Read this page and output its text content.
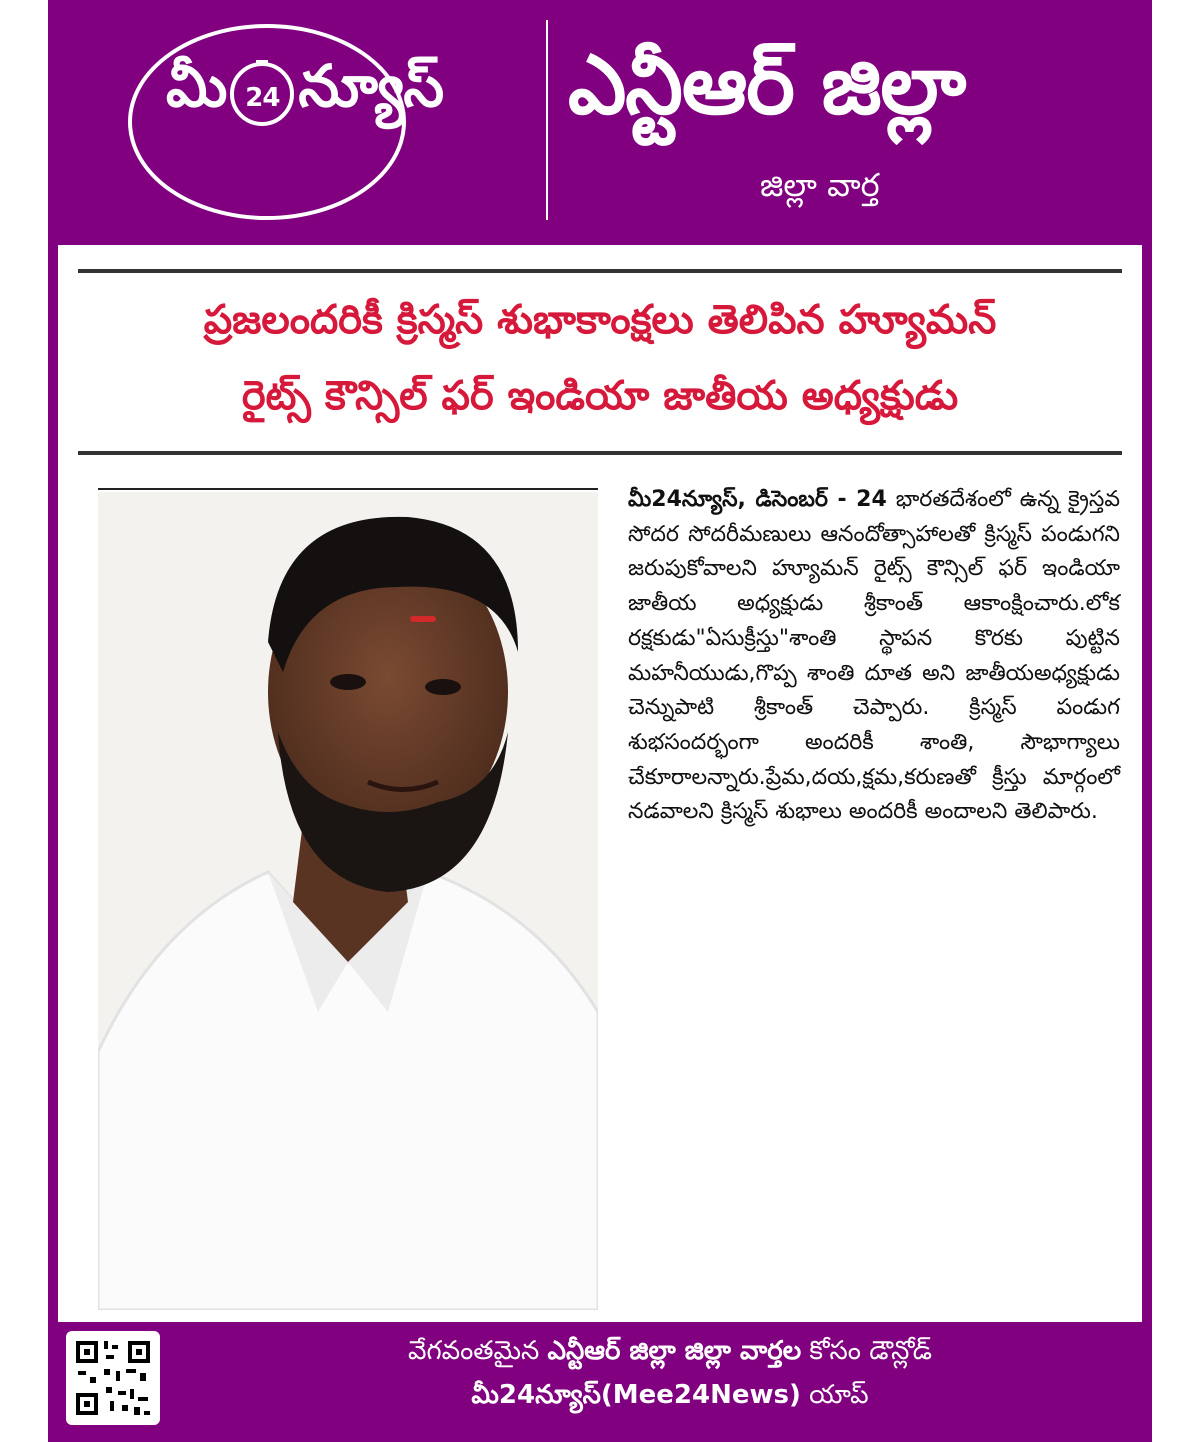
మీ 24 న్యూస్ ఎన్టీఆర్ జిల్లా
జిల్లా వార్త
ప్రజలందరికీ క్రిస్మస్ శుభాకాంక్షలు తెలిపిన హ్యూమన్
రైట్స్ కౌన్సిల్ ఫర్ ఇండియా జాతీయ అధ్యక్షుడు
మీ24న్యూస్, డిసెంబర్ - 24 భారతదేశంలో ఉన్న క్రైస్తవ సోదర సోదరీమణులు ఆనందోత్సాహాలతో క్రిస్మస్ పండుగని జరుపుకోవాలని హ్యూమన్ రైట్స్ కౌన్సిల్ ఫర్ ఇండియా జాతీయ అధ్యక్షుడు శ్రీకాంత్ ఆకాంక్షించారు.లోక రక్షకుడు"ఏసుక్రీస్తు"శాంతి స్థాపన కొరకు పుట్టిన మహనీయుడు,గొప్ప శాంతి దూత అని జాతీయఅధ్యక్షుడు చెన్నుపాటి శ్రీకాంత్ చెప్పారు. క్రిస్మస్ పండుగ శుభసందర్భంగా అందరికీ శాంతి, సౌభాగ్యాలు చేకూరాలన్నారు.ప్రేమ,దయ,క్షమ,కరుణతో క్రీస్తు మార్గంలో నడవాలని క్రిస్మస్ శుభాలు అందరికీ అందాలని తెలిపారు.
వేగవంతమైన ఎన్టీఆర్ జిల్లా జిల్లా వార్తల కోసం డౌన్లోడ్
మీ24న్యూస్(Mee24News) యాప్
